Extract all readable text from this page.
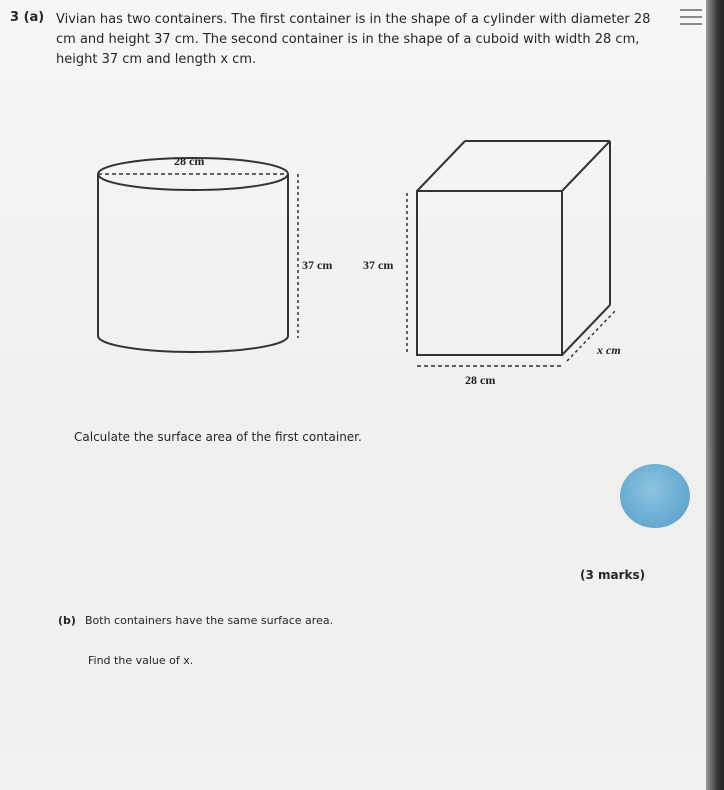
3 (a) Vivian has two containers. The first container is in the shape of a cylinder with diameter 28 cm and height 37 cm. The second container is in the shape of a cuboid with width 28 cm, height 37 cm and length x cm.
28 cm
37 cm	37 cm
28 cm
x cm
Calculate the surface area of the first container.
(3 marks)
(b) Both containers have the same surface area.
Find the value of x.
